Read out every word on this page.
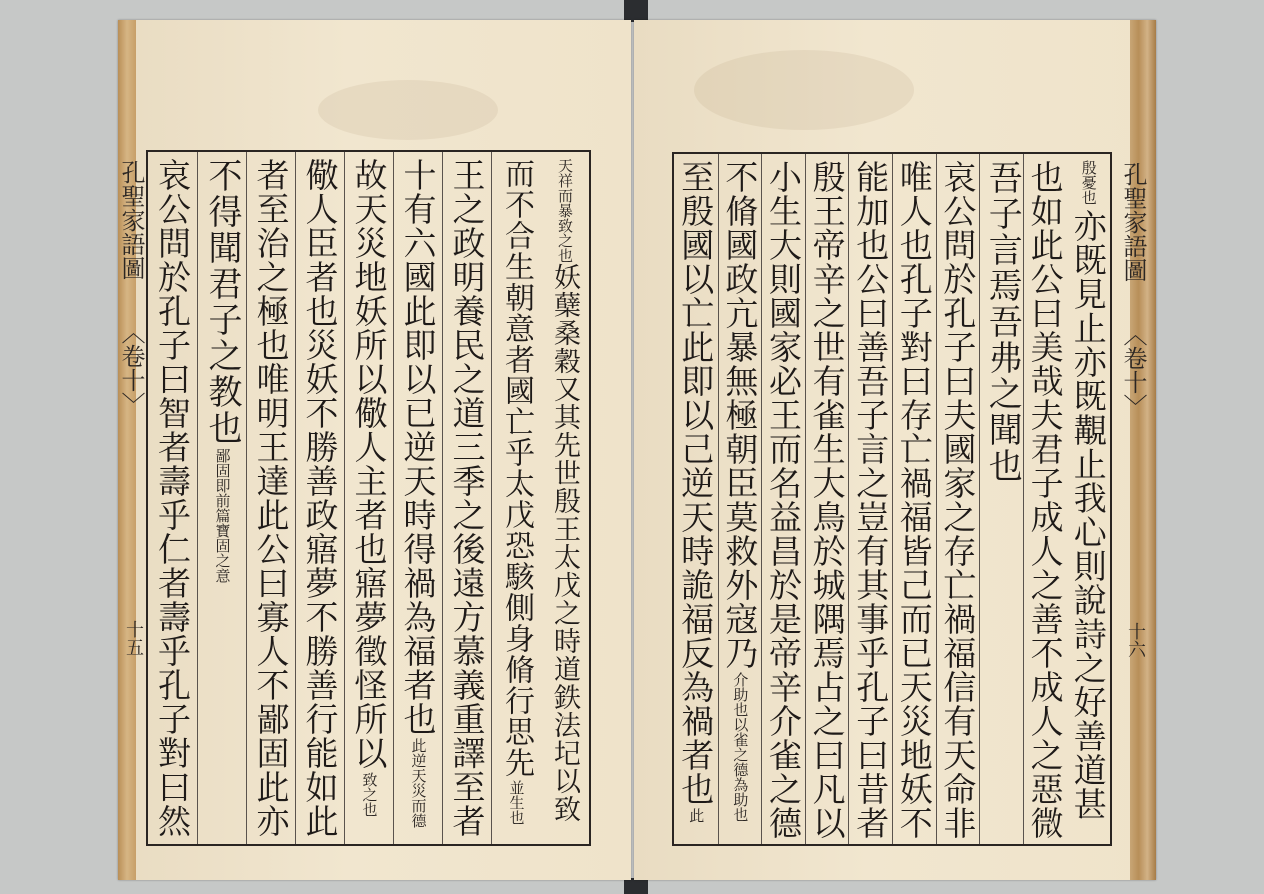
孔聖家語圖
〈卷十〉
十五
天祥而暴致之也
妖蘖桑穀
又其先世殷王太戊之時道鉄法圮以致
而不合生朝意者國亡乎太戊恐駭側身脩行思先
並生也
王之政明養民之道三季之後遠方慕義重譯至者
十有六國此即以已逆天時得禍為福者也
此逆天災而德
故天災地妖所以儆人主者也寤夢徵怪所以
致之也
儆人臣者也災妖不勝善政寤夢不勝善行能如此
者至治之極也唯明王達此公曰寡人不鄙固此亦
不得聞君子之教也
鄙固即前篇寶固之意
哀公問於孔子曰智者壽乎仁者壽乎孔子對曰然	孔聖家語圖
〈卷十〉
十六
殷憂也
亦既見止亦既覯止我心則說詩之好善道甚
也如此公曰美哉夫君子成人之善不成人之惡微
吾子言焉吾弗之聞也
哀公問於孔子曰夫國家之存亡禍福信有天命非
唯人也孔子對曰存亡禍福皆己而已天災地妖不
能加也公曰善吾子言之豈有其事乎孔子曰昔者
殷王帝辛之世有雀生大鳥於城隅焉占之曰凡以
小生大則國家必王而名益昌於是帝辛介雀之德
不脩國政亢暴無極朝臣莫救外寇乃
介助也以雀之德為助也
至殷國以亡此即以己逆天時詭福反為禍者也
此
